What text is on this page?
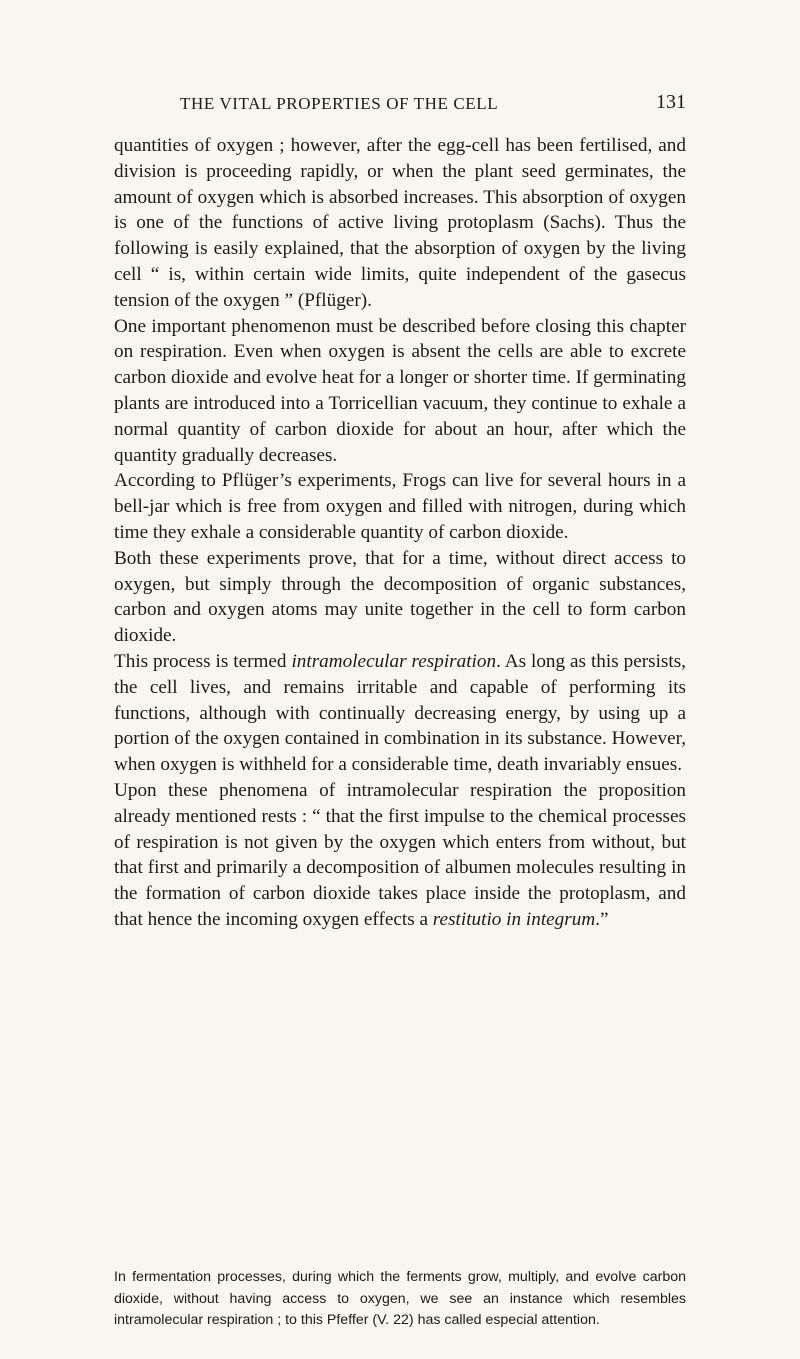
THE VITAL PROPERTIES OF THE CELL	131

quantities of oxygen ; however, after the egg-cell has been fertilised, and division is proceeding rapidly, or when the plant seed germinates, the amount of oxygen which is absorbed increases. This absorption of oxygen is one of the functions of active living protoplasm (Sachs). Thus the following is easily explained, that the absorption of oxygen by the living cell “ is, within certain wide limits, quite independent of the gasecus tension of the oxygen ” (Pflüger).

One important phenomenon must be described before closing this chapter on respiration. Even when oxygen is absent the cells are able to excrete carbon dioxide and evolve heat for a longer or shorter time. If germinating plants are introduced into a Torricellian vacuum, they continue to exhale a normal quantity of carbon dioxide for about an hour, after which the quantity gradually decreases.

According to Pflüger’s experiments, Frogs can live for several hours in a bell-jar which is free from oxygen and filled with nitrogen, during which time they exhale a considerable quantity of carbon dioxide.

Both these experiments prove, that for a time, without direct access to oxygen, but simply through the decomposition of organic substances, carbon and oxygen atoms may unite together in the cell to form carbon dioxide.

This process is termed intramolecular respiration. As long as this persists, the cell lives, and remains irritable and capable of performing its functions, although with continually decreasing energy, by using up a portion of the oxygen contained in combination in its substance. However, when oxygen is withheld for a considerable time, death invariably ensues.

Upon these phenomena of intramolecular respiration the proposition already mentioned rests : “ that the first impulse to the chemical processes of respiration is not given by the oxygen which enters from without, but that first and primarily a decomposition of albumen molecules resulting in the formation of carbon dioxide takes place inside the protoplasm, and that hence the incoming oxygen effects a restitutio in integrum.”

In fermentation processes, during which the ferments grow, multiply, and evolve carbon dioxide, without having access to oxygen, we see an instance which resembles intramolecular respiration ; to this Pfeffer (V. 22) has called especial attention.
